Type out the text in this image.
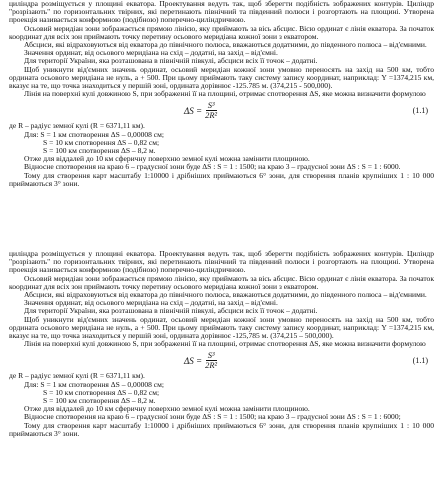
циліндра розміщується у площині екватора. Проектування ведуть так, щоб зберегти подібність зображених контурів. Циліндр "розрізають" по горизонтальних твірних, які перетинають північний та південний полюси і розгортають на площині. Утворена проекція називається конформною (подібною) поперечно-циліндричною.

Осьовий меридіан зони зображається прямою лінією, яку приймають за вісь абсцис. Вісю ординат є лінія екватора. За початок координат для всіх зон приймають точку перетину осьового меридіана кожної зони з екватором.

Абсциси, які відраховуються від екватора до північного полюса, вважаються додатними, до південного полюса – від'ємними.

Значення ординат, від осьового меридіана на схід – додатні, на захід – від'ємні.

Для території України, яка розташована в північній півкулі, абсциси всіх її точок – додатні.

Щоб уникнути від'ємних значень ординат, осьовий меридіан кожної зони умовно переносять на захід на 500 км, тобто ордината осьового меридіана не нуль, а + 500. При цьому приймають таку систему запису координат, наприклад: Y =1374,215 км, вказує на те, що точка знаходиться у першій зоні, ордината дорівнює -125.785 м. (374,215 - 500,000).

Лінія на поверхні кулі довжиною S, при зображенні її на площині, отримає спотворення ΔS, яке можна визначити формулою

$\Delta S = \frac{\text{S³}}{\text{2R²}}$	(1.1)

де R – радіус земної кулі (R = 6371,11 км).

Для: S = 1 км спотворення ΔS – 0,00008 см;

S = 10 км спотворення ΔS – 0,82 см;

S = 100 км спотворення ΔS – 8,2 м.

Отже для віддалей до 10 км сферичну поверхню земної кулі можна замінити площиною.

Відносне спотворення на краю 6 – градусної зони буде ΔS : S = 1 : 1500; на краю 3 – градусної зони ΔS : S = 1 : 6000.

Тому для створення карт масштабу 1:10000 і дрібніших приймаються 6° зони, для створення планів крупніших 1 : 10 000 приймаються 3° зони.

циліндра розміщується у площині екватора. Проектування ведуть так, щоб зберегти подібність зображених контурів. Циліндр "розрізають" по горизонтальних твірних, які перетинають північний та південний полюси і розгортають на площині. Утворена проекція називається конформною (подібною) поперечно-циліндричною.

Осьовий меридіан зони зображається прямою лінією, яку приймають за вісь абсцис. Вісю ординат є лінія екватора. За початок координат для всіх зон приймають точку перетину осьового меридіана кожної зони з екватором.

Абсциси, які відраховуються від екватора до північного полюса, вважаються додатними, до південного полюса – від'ємними.

Значення ординат, від осьового меридіана на схід – додатні, на захід – від'ємні.

Для території України, яка розташована в північній півкулі, абсциси всіх її точок – додатні.

Щоб уникнути від'ємних значень ординат, осьовий меридіан кожної зони умовно переносять на захід на 500 км, тобто ордината осьового меридіана не нуль, а + 500. При цьому приймають таку систему запису координат, наприклад: Y =1374,215 км, вказує на те, що точка знаходиться у першій зоні, ордината дорівнює -125,785 м. (374,215 – 500,000).

Лінія на поверхні кулі довжиною S, при зображенні її на площині, отримає спотворення ΔS, яке можна визначити формулою

$\Delta S = \frac{\text{S³}}{\text{2R²}}$	(1.1)

де R – радіус земної кулі (R = 6371,11 км).

Для: S = 1 км спотворення ΔS – 0,00008 см;

S = 10 км спотворення ΔS – 0,82 см;

S = 100 км спотворення ΔS – 8,2 м.

Отже для віддалей до 10 км сферичну поверхню земної кулі можна замінити площиною.

Відносне спотворення на краю 6 – градусної зони буде ΔS : S = 1 : 1500; на краю 3 – градусної зони ΔS : S = 1 : 6000;

Тому для створення карт масштабу 1:10000 і дрібніших приймаються 6° зони, для створення планів крупніших 1 : 10 000 приймаються 3° зони.
